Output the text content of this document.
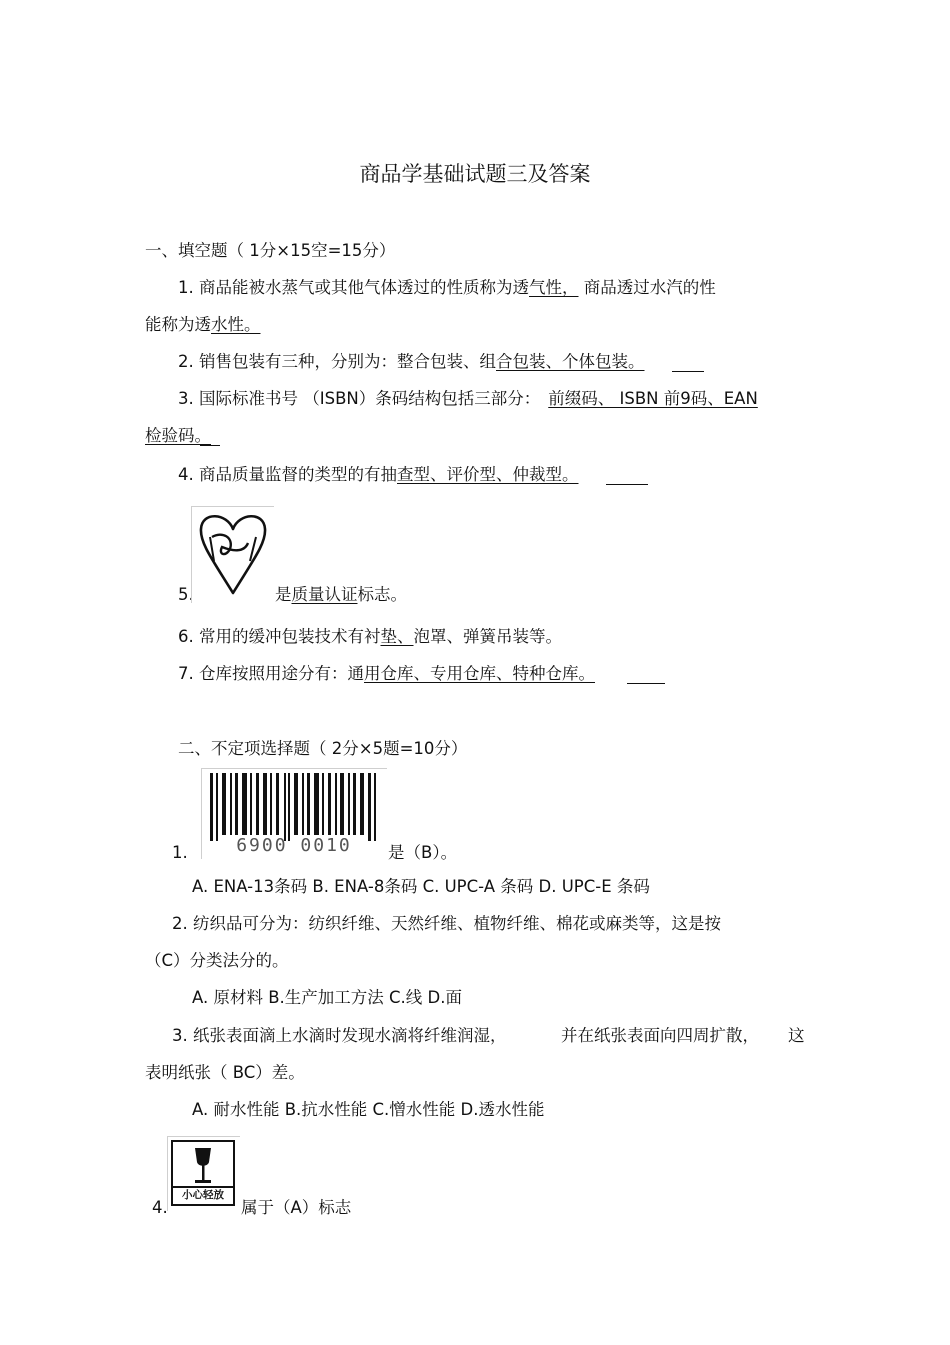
商品学基础试题三及答案
一、填空题（ 1分×15空=15分）
1. 商品能被水蒸气或其他气体透过的性质称为透气性， 商品透过水汽的性
能称为透水性。
2. 销售包装有三种，分别为：整合包装、组合包装、个体包装。
3. 国际标准书号 （ISBN）条码结构包括三部分： 前缀码、 ISBN 前9码、EAN
检验码。
4. 商品质量监督的类型的有抽查型、评价型、仲裁型。
5.	是质量认证标志。
6. 常用的缓冲包装技术有衬垫、泡罩、弹簧吊装等。
7. 仓库按照用途分有：通用仓库、专用仓库、特种仓库。
二、不定项选择题（ 2分×5题=10分）
1.	6900 0010 是（B）。
A. ENA-13条码 B. ENA-8条码 C. UPC-A 条码 D. UPC-E 条码
2. 纺织品可分为：纺织纤维、天然纤维、植物纤维、棉花或麻类等，这是按
（C）分类法分的。
A. 原材料 B.生产加工方法 C.线 D.面
3. 纸张表面滴上水滴时发现水滴将纤维润湿，	并在纸张表面向四周扩散， 这
表明纸张（ BC）差。
A. 耐水性能 B.抗水性能 C.憎水性能 D.透水性能
4.
小心轻放
属于（A）标志
